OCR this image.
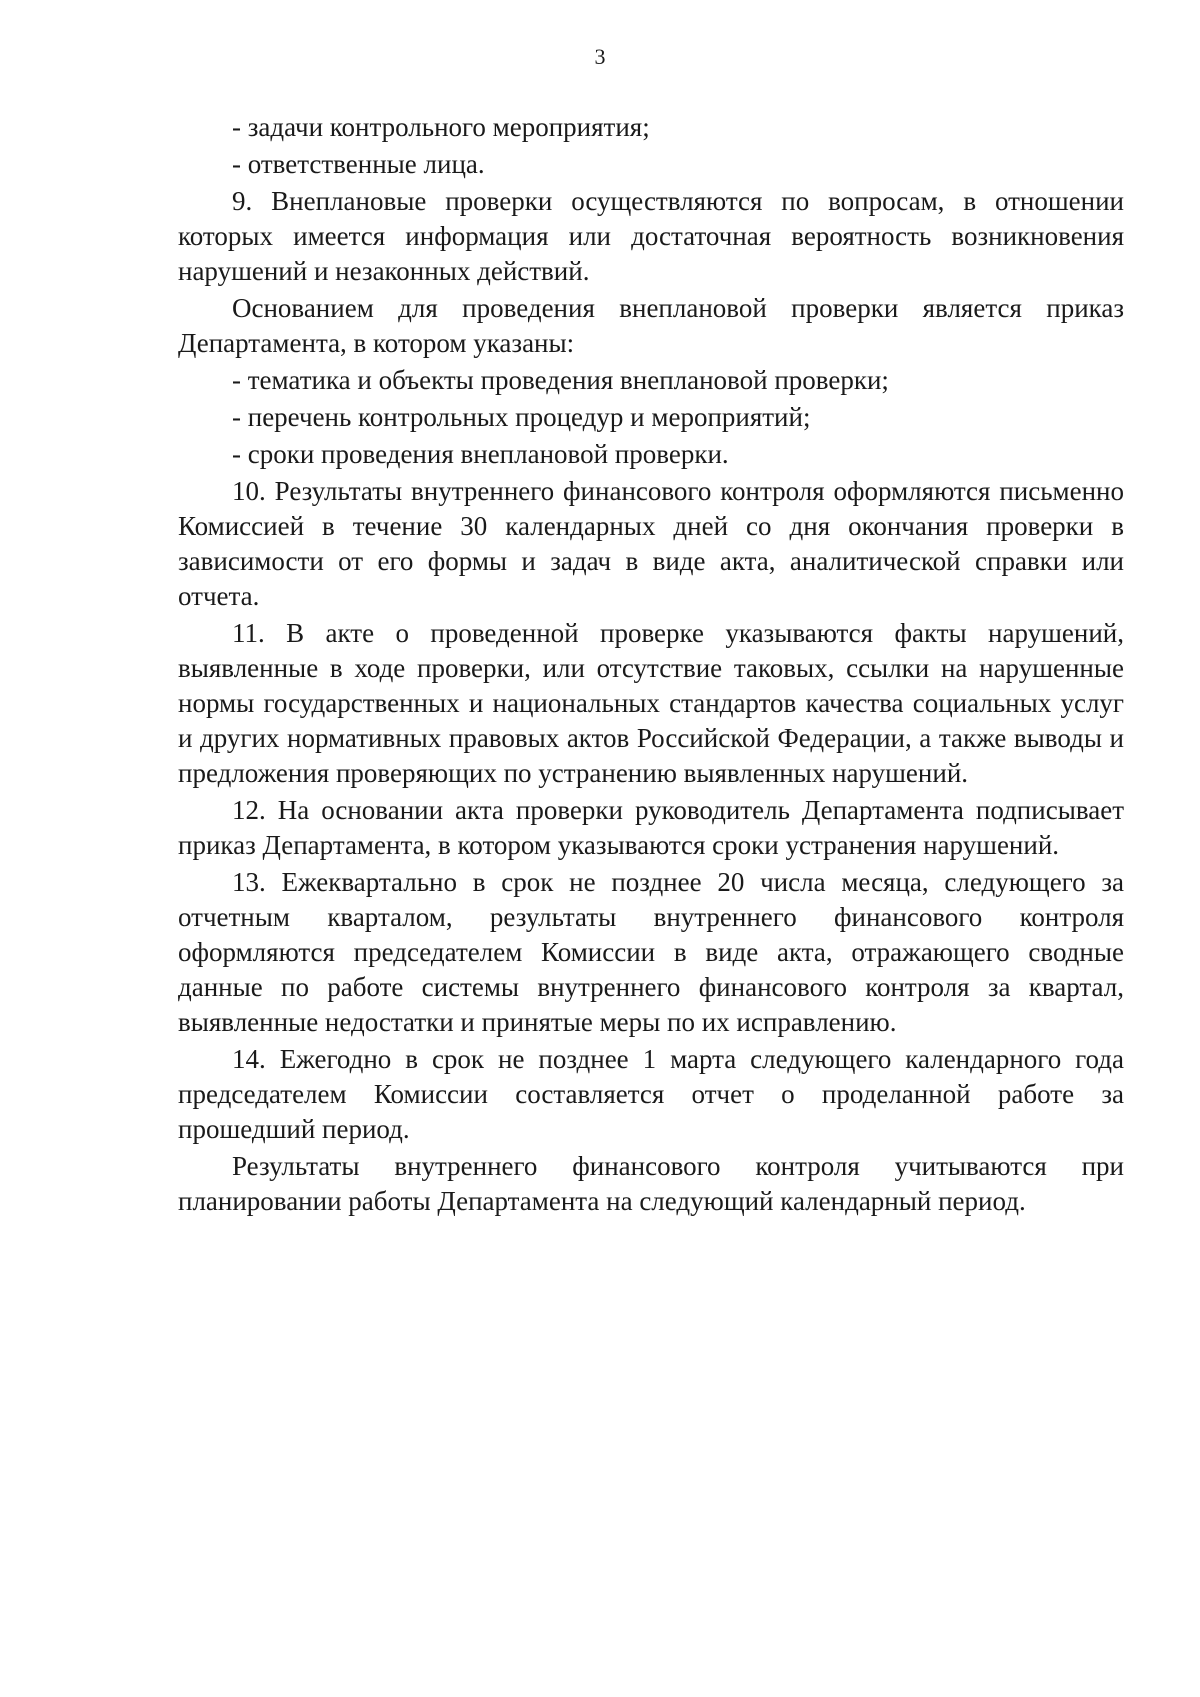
3

- задачи контрольного мероприятия;

- ответственные лица.

9. Внеплановые проверки осуществляются по вопросам, в отношении которых имеется информация или достаточная вероятность возникновения нарушений и незаконных действий.

Основанием для проведения внеплановой проверки является приказ Департамента, в котором указаны:

- тематика и объекты проведения внеплановой проверки;

- перечень контрольных процедур и мероприятий;

- сроки проведения внеплановой проверки.

10. Результаты внутреннего финансового контроля оформляются письменно Комиссией в течение 30 календарных дней со дня окончания проверки в зависимости от его формы и задач в виде акта, аналитической справки или отчета.

11. В акте о проведенной проверке указываются факты нарушений, выявленные в ходе проверки, или отсутствие таковых, ссылки на нарушенные нормы государственных и национальных стандартов качества социальных услуг и других нормативных правовых актов Российской Федерации, а также выводы и предложения проверяющих по устранению выявленных нарушений.

12. На основании акта проверки руководитель Департамента подписывает приказ Департамента, в котором указываются сроки устранения нарушений.

13. Ежеквартально в срок не позднее 20 числа месяца, следующего за отчетным кварталом, результаты внутреннего финансового контроля оформляются председателем Комиссии в виде акта, отражающего сводные данные по работе системы внутреннего финансового контроля за квартал, выявленные недостатки и принятые меры по их исправлению.

14. Ежегодно в срок не позднее 1 марта следующего календарного года председателем Комиссии составляется отчет о проделанной работе за прошедший период.

Результаты внутреннего финансового контроля учитываются при планировании работы Департамента на следующий календарный период.
